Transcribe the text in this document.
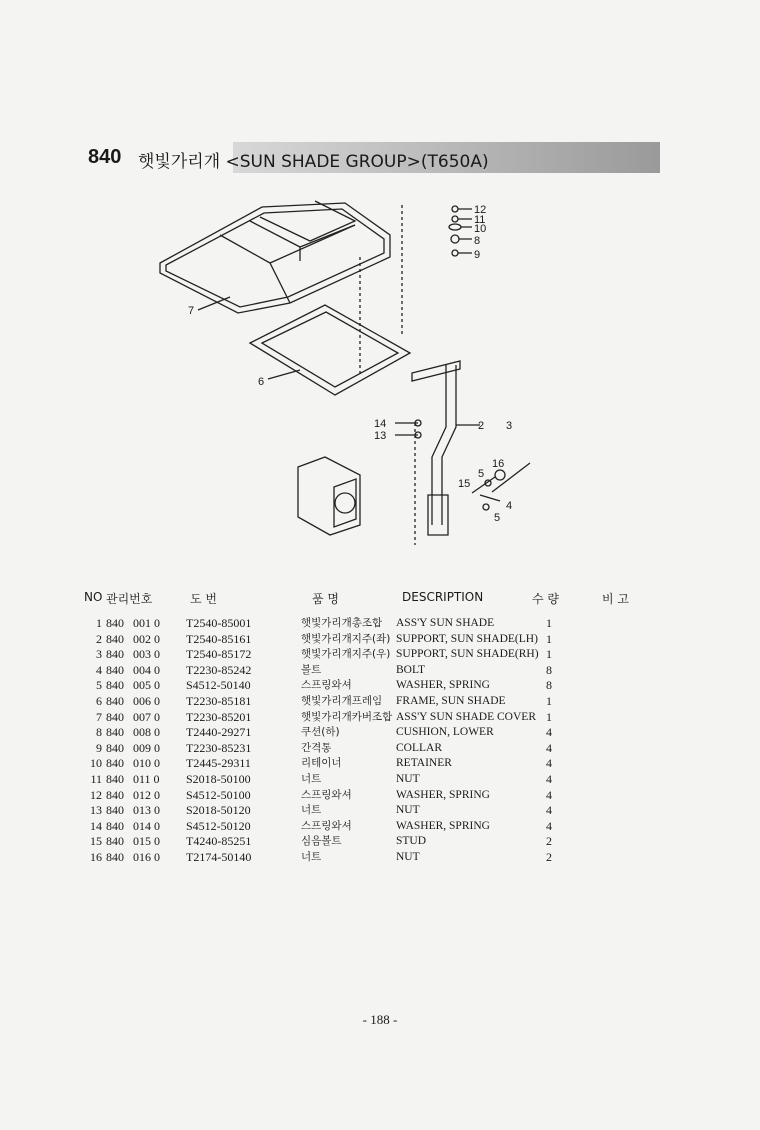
840 햇빛가리개 <SUN SHADE GROUP>(T650A)
12
11
10
8
9
7
6
2 3
14
13
16
5
15
4
5
NO 관리번호	도 번	품 명	DESCRIPTION	수 량	비 고
1 840 001 0 T2540-85001	햇빛가리개총조합 ASS'Y SUN SHADE	1
2 840 002 0 T2540-85161	햇빛가리개지주(좌) SUPPORT, SUN SHADE(LH) 1
3 840 003 0 T2540-85172	햇빛가리개지주(우) SUPPORT, SUN SHADE(RH) 1
4 840 004 0 T2230-85242	볼트	BOLT	8
5 840 005 0 S4512-50140	스프링와셔	WASHER, SPRING	8
6 840 006 0 T2230-85181	햇빛가리개프레임 FRAME, SUN SHADE	1
7 840 007 0 T2230-85201	햇빛가리개카버조합 ASS'Y SUN SHADE COVER 1
8 840 008 0 T2440-29271	쿠션(하)	CUSHION, LOWER	4
9 840 009 0 T2230-85231	간격통	COLLAR	4
10 840 010 0 T2445-29311	리테이너	RETAINER	4
11 840 011 0 S2018-50100	너트	NUT	4
12 840 012 0 S4512-50100	스프링와셔	WASHER, SPRING	4
13 840 013 0 S2018-50120	너트	NUT	4
14 840 014 0 S4512-50120	스프링와셔	WASHER, SPRING	4
15 840 015 0 T4240-85251	심음볼트	STUD	2
16 840 016 0 T2174-50140	너트	NUT	2
- 188 -
